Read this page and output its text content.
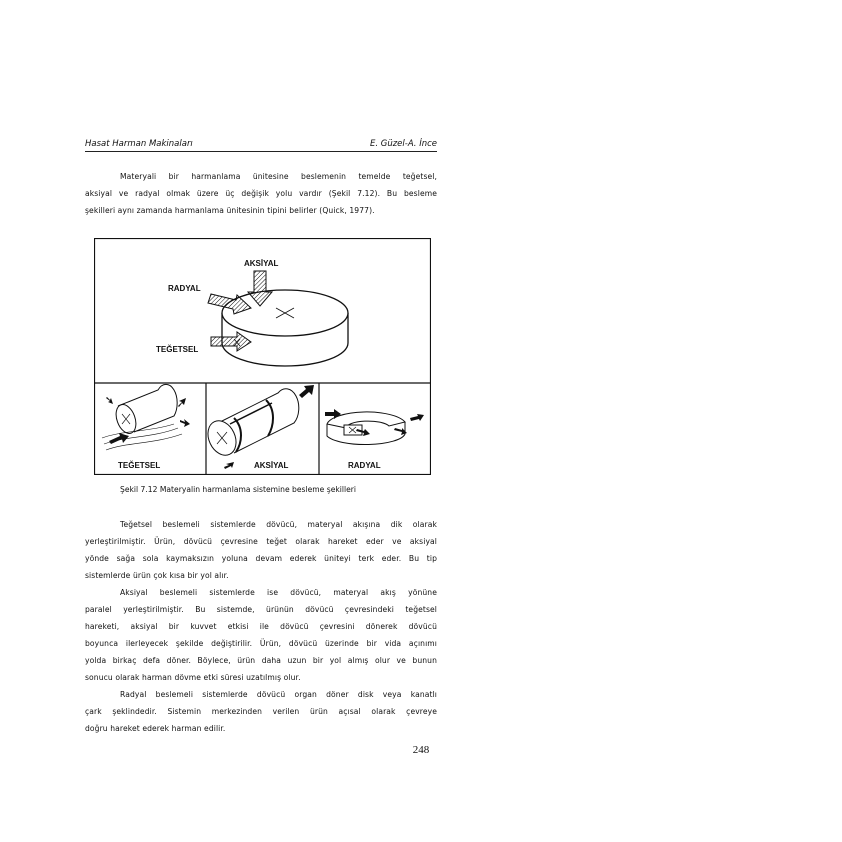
Hasat Harman Makinaları	E. Güzel-A. İnce
Materyali bir harmanlama ünitesine beslemenin temelde teğetsel,
aksiyal ve radyal olmak üzere üç değişik yolu vardır (Şekil 7.12). Bu besleme
şekilleri aynı zamanda harmanlama ünitesinin tipini belirler (Quick, 1977).
AKSİYAL
RADYAL
TEĞETSEL
TEĞETSEL	AKSİYAL	RADYAL
Şekil 7.12 Materyalin harmanlama sistemine besleme şekilleri
Teğetsel beslemeli sistemlerde dövücü, materyal akışına dik olarak
yerleştirilmiştir. Ürün, dövücü çevresine teğet olarak hareket eder ve aksiyal
yönde sağa sola kaymaksızın yoluna devam ederek üniteyi terk eder. Bu tip
sistemlerde ürün çok kısa bir yol alır.
Aksiyal beslemeli sistemlerde ise dövücü, materyal akış yönüne
paralel yerleştirilmiştir. Bu sistemde, ürünün dövücü çevresindeki teğetsel
hareketi, aksiyal bir kuvvet etkisi ile dövücü çevresini dönerek dövücü
boyunca ilerleyecek şekilde değiştirilir. Ürün, dövücü üzerinde bir vida açınımı
yolda birkaç defa döner. Böylece, ürün daha uzun bir yol almış olur ve bunun
sonucu olarak harman dövme etki süresi uzatılmış olur.
Radyal beslemeli sistemlerde dövücü organ döner disk veya kanatlı
çark şeklindedir. Sistemin merkezinden verilen ürün açısal olarak çevreye
doğru hareket ederek harman edilir.
248
